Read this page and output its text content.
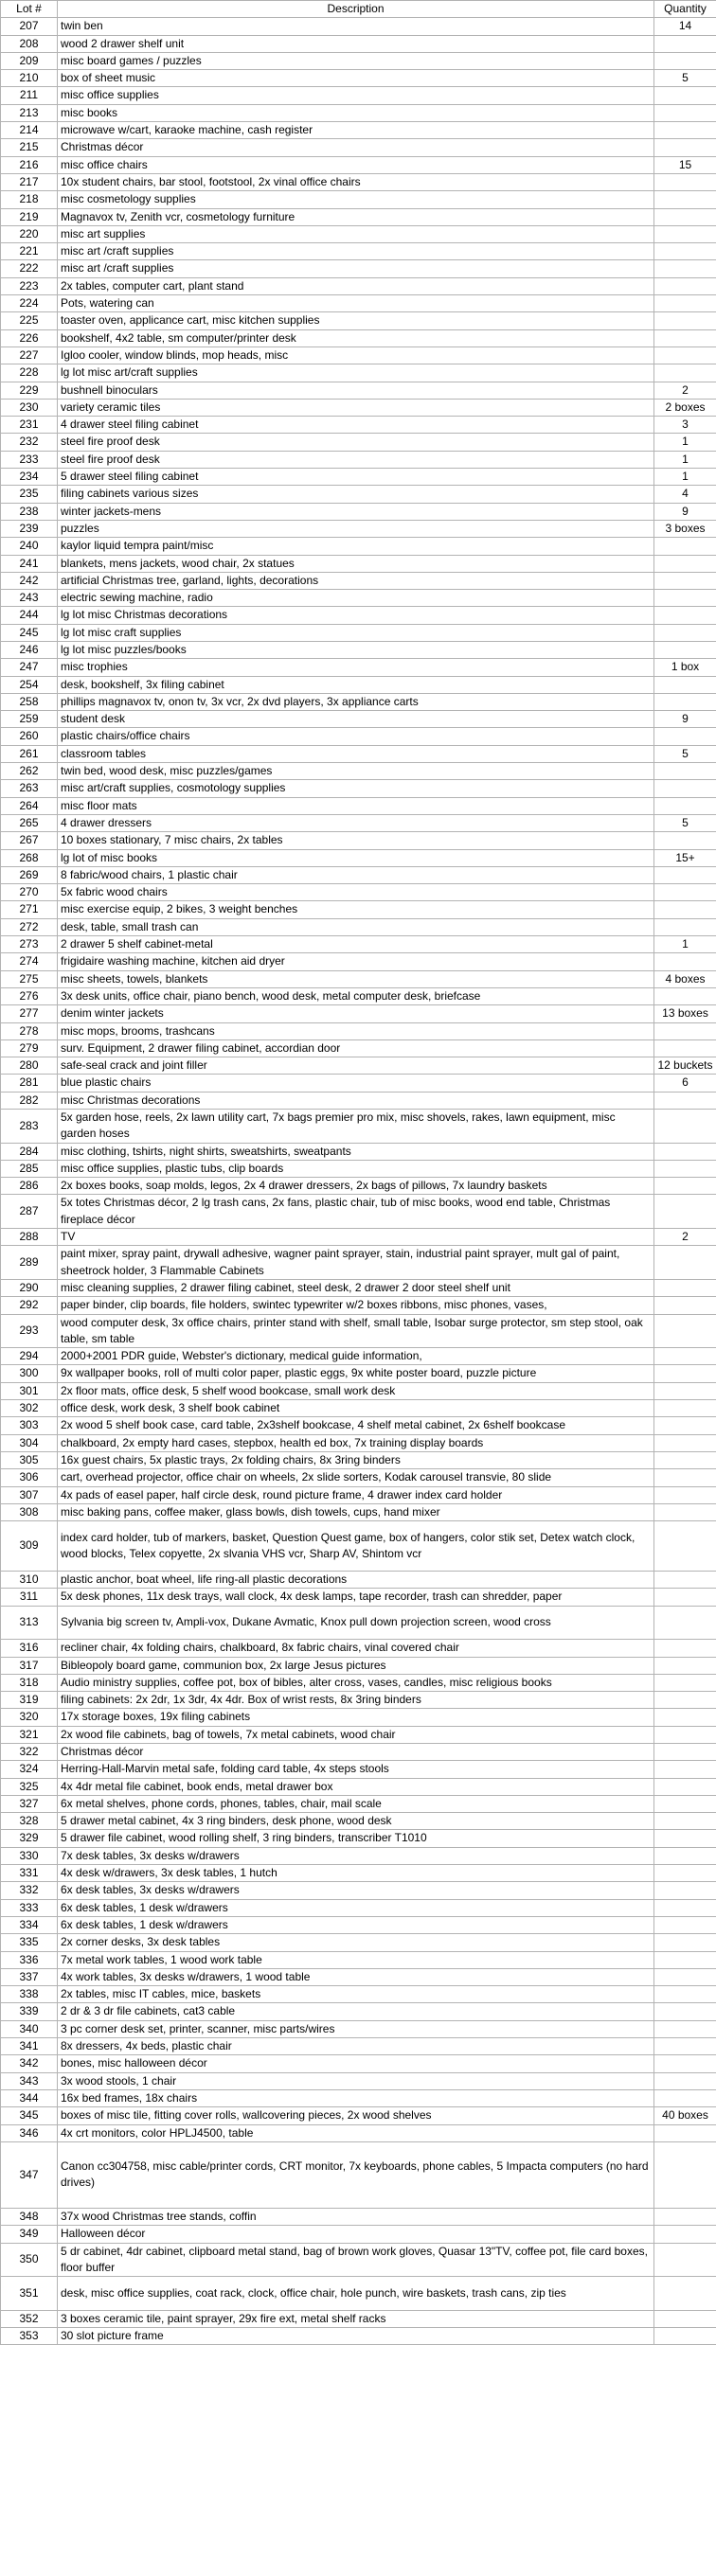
Lot #	Description	Quantity
207	twin ben	14
208	wood 2 drawer shelf unit	
209	misc board games / puzzles	
210	box of sheet music	5
211	misc office supplies	
213	misc books	
214	microwave w/cart, karaoke machine, cash register	
215	Christmas décor	
216	misc office chairs	15
217	10x student chairs, bar stool, footstool, 2x vinal office chairs	
218	misc cosmetology supplies	
219	Magnavox tv, Zenith vcr, cosmetology furniture	
220	misc art supplies	
221	misc art /craft supplies	
222	misc art /craft supplies	
223	2x tables, computer cart, plant stand	
224	Pots, watering can	
225	toaster oven, applicance cart, misc kitchen supplies	
226	bookshelf, 4x2 table, sm computer/printer desk	
227	Igloo cooler, window blinds, mop heads, misc	
228	lg lot misc art/craft supplies	
229	bushnell binoculars	2
230	variety ceramic tiles	2 boxes
231	4 drawer steel filing cabinet	3
232	steel fire proof desk	1
233	steel fire proof desk	1
234	5 drawer steel filing cabinet	1
235	filing cabinets various sizes	4
238	winter jackets-mens	9
239	puzzles	3 boxes
240	kaylor liquid tempra paint/misc	
241	blankets, mens jackets, wood chair, 2x statues	
242	artificial Christmas tree, garland, lights, decorations	
243	electric sewing machine, radio	
244	lg lot misc Christmas decorations	
245	lg lot misc craft supplies	
246	lg lot misc puzzles/books	
247	misc trophies	1 box
254	desk, bookshelf, 3x filing cabinet	
258	phillips magnavox tv, onon tv, 3x vcr, 2x dvd players, 3x appliance carts	
259	student desk	9
260	plastic chairs/office chairs	
261	classroom tables	5
262	twin bed, wood desk, misc puzzles/games	
263	misc art/craft supplies, cosmotology supplies	
264	misc floor mats	
265	4 drawer dressers	5
267	10 boxes stationary, 7 misc chairs, 2x tables	
268	lg lot of misc books	15+
269	8 fabric/wood chairs, 1 plastic chair	
270	5x fabric wood chairs	
271	misc exercise equip, 2 bikes, 3 weight benches	
272	desk, table, small trash can	
273	2 drawer 5 shelf cabinet-metal	1
274	frigidaire washing machine, kitchen aid dryer	
275	misc sheets, towels, blankets	4 boxes
276	3x desk units, office chair, piano bench, wood desk, metal computer desk, briefcase	
277	denim winter jackets	13 boxes
278	misc mops, brooms, trashcans	
279	surv. Equipment, 2 drawer filing cabinet, accordian door	
280	safe-seal crack and joint filler	12 buckets
281	blue plastic chairs	6
282	misc Christmas decorations	
283	5x garden hose, reels, 2x lawn utility cart, 7x bags premier pro mix, misc shovels, rakes, lawn equipment, misc garden hoses	
284	misc clothing, tshirts, night shirts, sweatshirts, sweatpants	
285	misc office supplies, plastic tubs, clip boards	
286	2x boxes books, soap molds, legos, 2x 4 drawer dressers, 2x bags of pillows, 7x laundry baskets	
287	5x totes Christmas décor, 2 lg trash cans, 2x fans, plastic chair, tub of misc books, wood end table, Christmas fireplace décor	
288	TV	2
289	paint mixer, spray paint, drywall adhesive, wagner paint sprayer, stain, industrial paint sprayer, mult gal of paint, sheetrock holder, 3 Flammable Cabinets	
290	misc cleaning supplies, 2 drawer filing cabinet, steel desk, 2 drawer 2 door steel shelf unit	
292	paper binder, clip boards, file holders, swintec typewriter w/2 boxes ribbons, misc phones, vases,	
293	wood computer desk, 3x office chairs, printer stand with shelf, small table, Isobar surge protector, sm step stool, oak table, sm table	
294	2000+2001 PDR guide, Webster's dictionary, medical guide information,	
300	9x wallpaper books, roll of multi color paper, plastic eggs, 9x white poster board, puzzle picture	
301	2x floor mats, office desk, 5 shelf wood bookcase, small work desk	
302	office desk, work desk, 3 shelf book cabinet	
303	2x wood 5 shelf book case, card table, 2x3shelf bookcase, 4 shelf metal cabinet, 2x 6shelf bookcase	
304	chalkboard, 2x empty hard cases, stepbox, health ed box, 7x training display boards	
305	16x guest chairs, 5x plastic trays, 2x folding chairs, 8x 3ring binders	
306	cart, overhead projector, office chair on wheels, 2x slide sorters, Kodak carousel transvie, 80 slide	
307	4x pads of easel paper, half circle desk, round picture frame, 4 drawer index card holder	
308	misc baking pans, coffee maker, glass bowls, dish towels, cups, hand mixer	
309	index card holder, tub of markers, basket, Question Quest game, box of hangers, color stik set, Detex watch clock, wood blocks, Telex copyette, 2x slvania VHS vcr, Sharp AV, Shintom vcr	
310	plastic anchor, boat wheel, life ring-all plastic decorations	
311	5x desk phones, 11x desk trays, wall clock, 4x desk lamps, tape recorder, trash can shredder, paper	
313	Sylvania big screen tv, Ampli-vox, Dukane Avmatic, Knox pull down projection screen, wood cross	
316	recliner chair, 4x folding chairs, chalkboard, 8x fabric chairs, vinal covered chair	
317	Bibleopoly board game, communion box, 2x large Jesus pictures	
318	Audio ministry supplies, coffee pot, box of bibles, alter cross, vases, candles, misc religious books	
319	filing cabinets: 2x 2dr, 1x 3dr, 4x 4dr. Box of wrist rests, 8x 3ring binders	
320	17x storage boxes, 19x filing cabinets	
321	2x wood file cabinets, bag of towels, 7x metal cabinets, wood chair	
322	Christmas décor	
324	Herring-Hall-Marvin metal safe, folding card table, 4x steps stools	
325	4x 4dr metal file cabinet, book ends, metal drawer box	
327	6x metal shelves, phone cords, phones, tables, chair, mail scale	
328	5 drawer metal cabinet, 4x 3 ring binders, desk phone, wood desk	
329	5 drawer file cabinet, wood rolling shelf, 3 ring binders, transcriber T1010	
330	7x desk tables, 3x desks w/drawers	
331	4x desk w/drawers, 3x desk tables, 1 hutch	
332	6x desk tables, 3x desks w/drawers	
333	6x desk tables, 1 desk w/drawers	
334	6x desk tables, 1 desk w/drawers	
335	2x corner desks, 3x desk tables	
336	7x metal work tables, 1 wood work table	
337	4x work tables, 3x desks w/drawers, 1 wood table	
338	2x tables, misc IT cables, mice, baskets	
339	2 dr & 3 dr file cabinets, cat3 cable	
340	3 pc corner desk set, printer, scanner, misc parts/wires	
341	8x dressers, 4x beds, plastic chair	
342	bones, misc halloween décor	
343	3x wood stools, 1 chair	
344	16x bed frames, 18x chairs	
345	boxes of misc tile, fitting cover rolls, wallcovering pieces, 2x wood shelves	40 boxes
346	4x crt monitors, color HPLJ4500, table	
347	Canon cc304758, misc cable/printer cords, CRT monitor, 7x keyboards, phone cables, 5 Impacta computers (no hard drives)	
348	37x wood Christmas tree stands, coffin	
349	Halloween décor	
350	5 dr cabinet, 4dr cabinet, clipboard metal stand, bag of brown work gloves, Quasar 13"TV, coffee pot, file card boxes, floor buffer	
351	desk, misc office supplies, coat rack, clock, office chair, hole punch, wire baskets, trash cans, zip ties	
352	3 boxes ceramic tile, paint sprayer, 29x fire ext, metal shelf racks	
353	30 slot picture frame	
